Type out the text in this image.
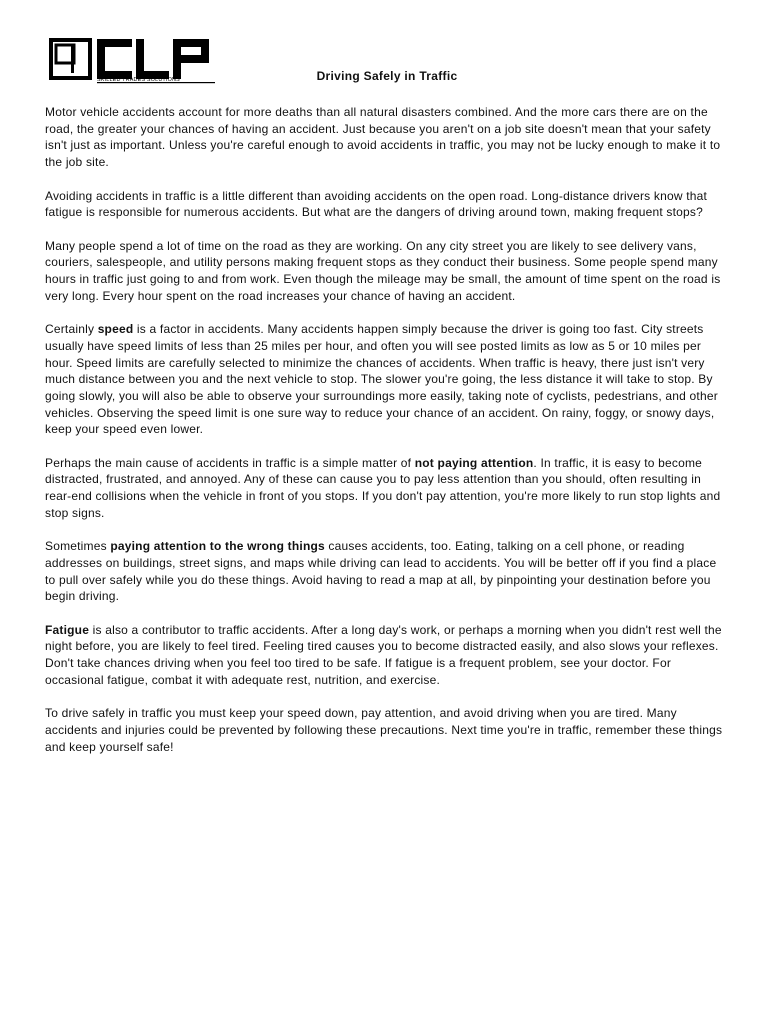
SKILLED TRADES SOLUTIONS	Driving Safely in Traffic

Motor vehicle accidents account for more deaths than all natural disasters combined. And the more cars there are on the road, the greater your chances of having an accident. Just because you aren't on a job site doesn't mean that your safety isn't just as important. Unless you're careful enough to avoid accidents in traffic, you may not be lucky enough to make it to the job site.

Avoiding accidents in traffic is a little different than avoiding accidents on the open road. Long-distance drivers know that fatigue is responsible for numerous accidents. But what are the dangers of driving around town, making frequent stops?

Many people spend a lot of time on the road as they are working. On any city street you are likely to see delivery vans, couriers, salespeople, and utility persons making frequent stops as they conduct their business. Some people spend many hours in traffic just going to and from work. Even though the mileage may be small, the amount of time spent on the road is very long. Every hour spent on the road increases your chance of having an accident.

Certainly speed is a factor in accidents. Many accidents happen simply because the driver is going too fast. City streets usually have speed limits of less than 25 miles per hour, and often you will see posted limits as low as 5 or 10 miles per hour. Speed limits are carefully selected to minimize the chances of accidents. When traffic is heavy, there just isn't very much distance between you and the next vehicle to stop. The slower you're going, the less distance it will take to stop. By going slowly, you will also be able to observe your surroundings more easily, taking note of cyclists, pedestrians, and other vehicles. Observing the speed limit is one sure way to reduce your chance of an accident. On rainy, foggy, or snowy days, keep your speed even lower.

Perhaps the main cause of accidents in traffic is a simple matter of not paying attention. In traffic, it is easy to become distracted, frustrated, and annoyed. Any of these can cause you to pay less attention than you should, often resulting in rear-end collisions when the vehicle in front of you stops. If you don't pay attention, you're more likely to run stop lights and stop signs.

Sometimes paying attention to the wrong things causes accidents, too. Eating, talking on a cell phone, or reading addresses on buildings, street signs, and maps while driving can lead to accidents. You will be better off if you find a place to pull over safely while you do these things. Avoid having to read a map at all, by pinpointing your destination before you begin driving.

Fatigue is also a contributor to traffic accidents. After a long day's work, or perhaps a morning when you didn't rest well the night before, you are likely to feel tired. Feeling tired causes you to become distracted easily, and also slows your reflexes. Don't take chances driving when you feel too tired to be safe. If fatigue is a frequent problem, see your doctor. For occasional fatigue, combat it with adequate rest, nutrition, and exercise.

To drive safely in traffic you must keep your speed down, pay attention, and avoid driving when you are tired. Many accidents and injuries could be prevented by following these precautions. Next time you're in traffic, remember these things and keep yourself safe!
